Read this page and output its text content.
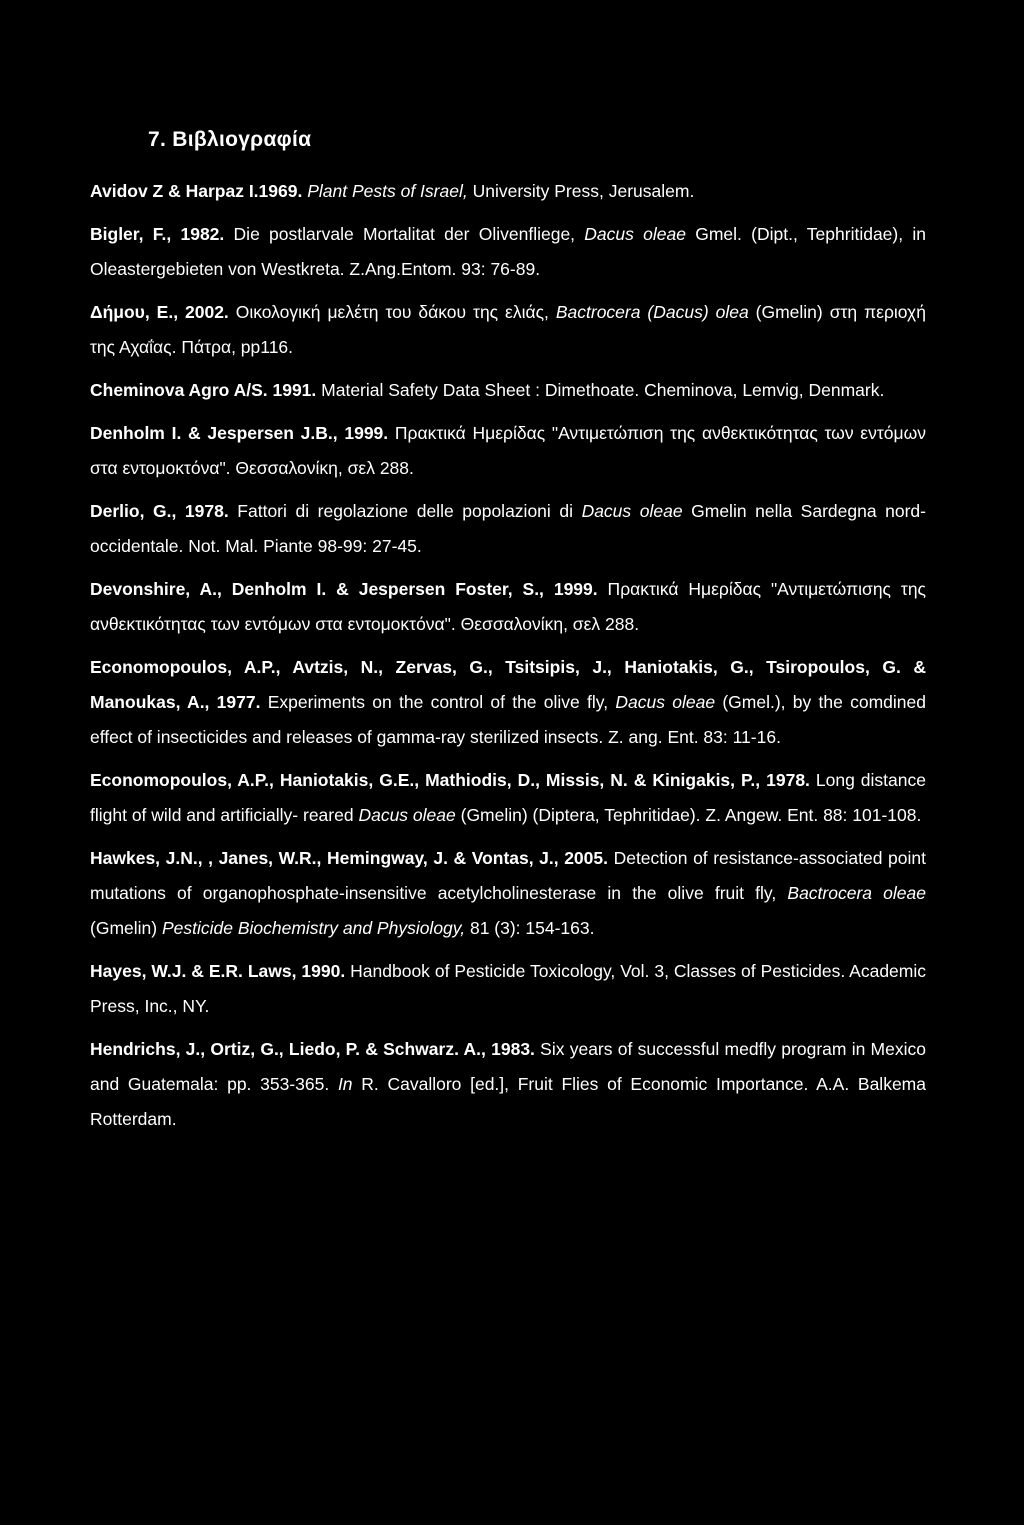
7. Βιβλιογραφία

Avidov Z & Harpaz I.1969. Plant Pests of Israel, University Press, Jerusalem.

Bigler, F., 1982. Die postlarvale Mortalitat der Olivenfliege, Dacus oleae Gmel. (Dipt., Tephritidae), in Oleastergebieten von Westkreta. Z.Ang.Entom. 93: 76-89.

Δήμου, Ε., 2002. Οικολογική μελέτη του δάκου της ελιάς, Bactrocera (Dacus) olea (Gmelin) στη περιοχή της Αχαΐας. Πάτρα, pp116.

Cheminova Agro A/S. 1991. Material Safety Data Sheet : Dimethoate. Cheminova, Lemvig, Denmark.

Denholm I. & Jespersen J.B., 1999. Πρακτικά Ημερίδας "Αντιμετώπιση της ανθεκτικότητας των εντόμων στα εντομοκτόνα". Θεσσαλονίκη, σελ 288.

Derlio, G., 1978. Fattori di regolazione delle popolazioni di Dacus oleae Gmelin nella Sardegna nord-occidentale. Not. Mal. Piante 98-99: 27-45.

Devonshire, A., Denholm I. & Jespersen Foster, S., 1999. Πρακτικά Ημερίδας "Αντιμετώπισης της ανθεκτικότητας των εντόμων στα εντομοκτόνα". Θεσσαλονίκη, σελ 288.

Economopoulos, A.P., Avtzis, N., Zervas, G., Tsitsipis, J., Haniotakis, G., Tsiropoulos, G. & Manoukas, A., 1977. Experiments on the control of the olive fly, Dacus oleae (Gmel.), by the comdined effect of insecticides and releases of gamma-ray sterilized insects. Z. ang. Ent. 83: 11-16.

Economopoulos, A.P., Haniotakis, G.E., Mathiodis, D., Missis, N. & Kinigakis, P., 1978. Long distance flight of wild and artificially- reared Dacus oleae (Gmelin) (Diptera, Tephritidae). Z. Angew. Ent. 88: 101-108.

Hawkes, J.N., , Janes, W.R., Hemingway, J. & Vontas, J., 2005. Detection of resistance-associated point mutations of organophosphate-insensitive acetylcholinesterase in the olive fruit fly, Bactrocera oleae (Gmelin) Pesticide Biochemistry and Physiology, 81 (3): 154-163.

Hayes, W.J. & E.R. Laws, 1990. Handbook of Pesticide Toxicology, Vol. 3, Classes of Pesticides. Academic Press, Inc., NY.

Hendrichs, J., Ortiz, G., Liedo, P. & Schwarz. A., 1983. Six years of successful medfly program in Mexico and Guatemala: pp. 353-365. In R. Cavalloro [ed.], Fruit Flies of Economic Importance. A.A. Balkema Rotterdam.
